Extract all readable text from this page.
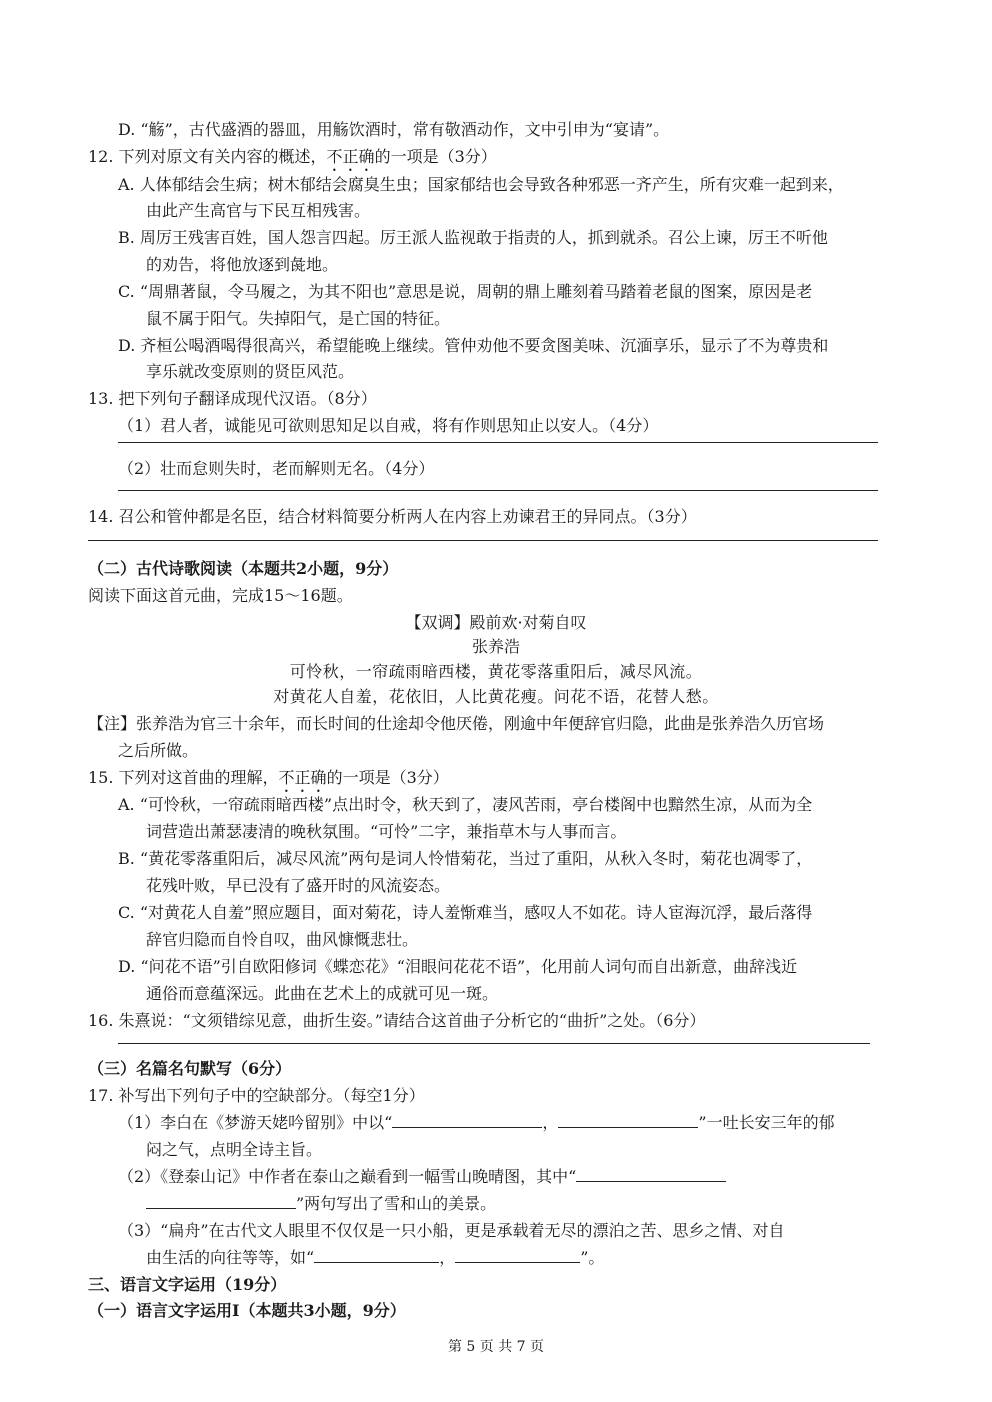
D. “觞”，古代盛酒的器皿，用觞饮酒时，常有敬酒动作，文中引申为“宴请”。
12. 下列对原文有关内容的概述，不正确的一项是（3分）
A. 人体郁结会生病；树木郁结会腐臭生虫；国家郁结也会导致各种邪恶一齐产生，所有灾难一起到来，
由此产生高官与下民互相残害。
B. 周厉王残害百姓，国人怨言四起。厉王派人监视敢于指责的人，抓到就杀。召公上谏，厉王不听他
的劝告，将他放逐到彘地。
C. “周鼎著鼠，令马履之，为其不阳也”意思是说，周朝的鼎上雕刻着马踏着老鼠的图案，原因是老
鼠不属于阳气。失掉阳气，是亡国的特征。
D. 齐桓公喝酒喝得很高兴，希望能晚上继续。管仲劝他不要贪图美味、沉湎享乐，显示了不为尊贵和
享乐就改变原则的贤臣风范。
13. 把下列句子翻译成现代汉语。（8分）
（1）君人者，诚能见可欲则思知足以自戒，将有作则思知止以安人。（4分）
（2）壮而怠则失时，老而解则无名。（4分）
14. 召公和管仲都是名臣，结合材料简要分析两人在内容上劝谏君王的异同点。（3分）
（二）古代诗歌阅读（本题共2小题，9分）
阅读下面这首元曲，完成15～16题。
【双调】殿前欢·对菊自叹
张养浩
可怜秋，一帘疏雨暗西楼，黄花零落重阳后，减尽风流。
对黄花人自羞，花依旧，人比黄花瘦。问花不语，花替人愁。
【注】张养浩为官三十余年，而长时间的仕途却令他厌倦，刚逾中年便辞官归隐，此曲是张养浩久历官场
之后所做。
15. 下列对这首曲的理解，不正确的一项是（3分）
A. “可怜秋，一帘疏雨暗西楼”点出时令，秋天到了，凄风苦雨，亭台楼阁中也黯然生凉，从而为全
词营造出萧瑟凄清的晚秋氛围。“可怜”二字，兼指草木与人事而言。
B. “黄花零落重阳后，减尽风流”两句是词人怜惜菊花，当过了重阳，从秋入冬时，菊花也凋零了，
花残叶败，早已没有了盛开时的风流姿态。
C. “对黄花人自羞”照应题目，面对菊花，诗人羞惭难当，感叹人不如花。诗人宦海沉浮，最后落得
辞官归隐而自怜自叹，曲风慷慨悲壮。
D. “问花不语”引自欧阳修词《蝶恋花》“泪眼问花花不语”，化用前人词句而自出新意，曲辞浅近
通俗而意蕴深远。此曲在艺术上的成就可见一斑。
16. 朱熹说：“文须错综见意，曲折生姿。”请结合这首曲子分析它的“曲折”之处。（6分）
（三）名篇名句默写（6分）
17. 补写出下列句子中的空缺部分。（每空1分）
（1）李白在《梦游天姥吟留别》中以“	，	”一吐长安三年的郁
闷之气，点明全诗主旨。
（2）《登泰山记》中作者在泰山之巅看到一幅雪山晚晴图，其中“
”两句写出了雪和山的美景。
（3）“扁舟”在古代文人眼里不仅仅是一只小船，更是承载着无尽的漂泊之苦、思乡之情、对自
由生活的向往等等，如“	，	”。
三、语言文字运用（19分）
（一）语言文字运用Ⅰ（本题共3小题，9分）
第 5 页 共 7 页
